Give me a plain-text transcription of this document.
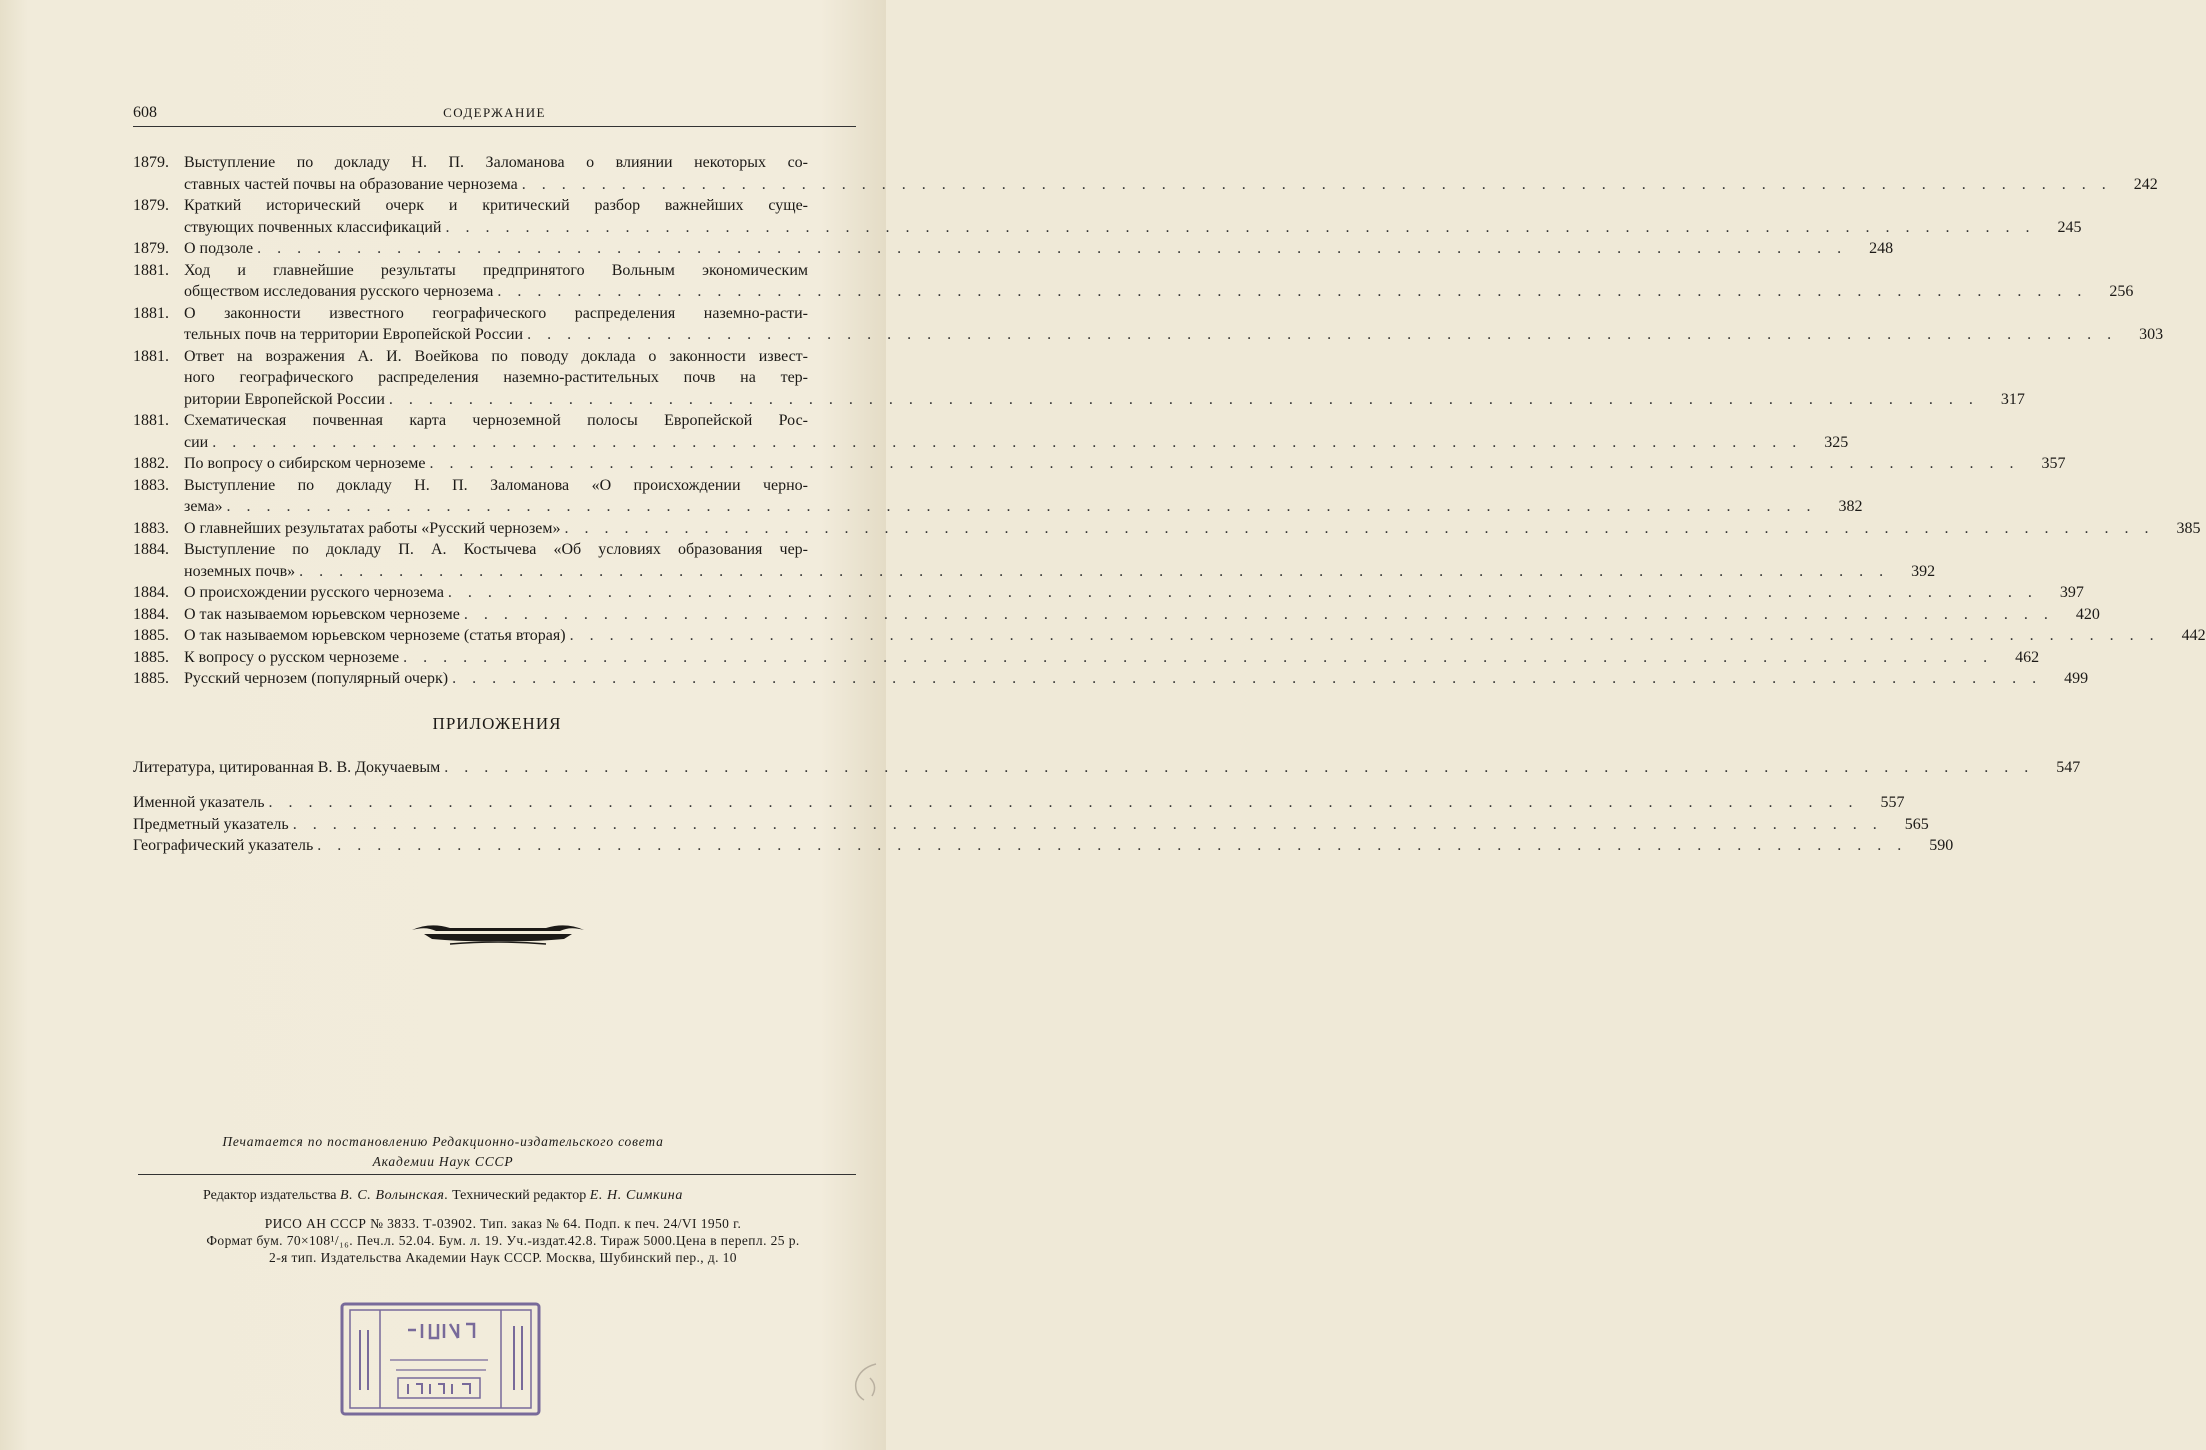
608	СОДЕРЖАНИЕ
1879. Выступление по докладу Н. П. Заломанова о влиянии некоторых со-
ставных частей почвы на образование чернозема . . . . . . . . . . . . . . . . . . . . . . . . . . . . . . . . . . . . . . . . . . . . . . . . . . . . . . . . . . . . . . . . . . . . . . . . . . . . . . . .	242
1879. Краткий исторический очерк и критический разбор важнейших суще-
ствующих почвенных классификаций . . . . . . . . . . . . . . . . . . . . . . . . . . . . . . . . . . . . . . . . . . . . . . . . . . . . . . . . . . . . . . . . . . . . . . . . . . . . . . . .	245
1879. О подзоле . . . . . . . . . . . . . . . . . . . . . . . . . . . . . . . . . . . . . . . . . . . . . . . . . . . . . . . . . . . . . . . . . . . . . . . . . . . . . . . .	248
1881. Ход и главнейшие результаты предпринятого Вольным экономическим
обществом исследования русского чернозема . . . . . . . . . . . . . . . . . . . . . . . . . . . . . . . . . . . . . . . . . . . . . . . . . . . . . . . . . . . . . . . . . . . . . . . . . . . . . . . .	256
1881. О законности известного географического распределения наземно-расти-
тельных почв на территории Европейской России . . . . . . . . . . . . . . . . . . . . . . . . . . . . . . . . . . . . . . . . . . . . . . . . . . . . . . . . . . . . . . . . . . . . . . . . . . . . . . . .	303
1881. Ответ на возражения А. И. Воейкова по поводу доклада о законности извест-
ного географического распределения наземно-растительных почв на тер-
ритории Европейской России . . . . . . . . . . . . . . . . . . . . . . . . . . . . . . . . . . . . . . . . . . . . . . . . . . . . . . . . . . . . . . . . . . . . . . . . . . . . . . . .	317
1881. Схематическая почвенная карта черноземной полосы Европейской Рос-
сии . . . . . . . . . . . . . . . . . . . . . . . . . . . . . . . . . . . . . . . . . . . . . . . . . . . . . . . . . . . . . . . . . . . . . . . . . . . . . . . .	325
1882. По вопросу о сибирском черноземе . . . . . . . . . . . . . . . . . . . . . . . . . . . . . . . . . . . . . . . . . . . . . . . . . . . . . . . . . . . . . . . . . . . . . . . . . . . . . . . .	357
1883. Выступление по докладу Н. П. Заломанова «О происхождении черно-
зема» . . . . . . . . . . . . . . . . . . . . . . . . . . . . . . . . . . . . . . . . . . . . . . . . . . . . . . . . . . . . . . . . . . . . . . . . . . . . . . . .	382
1883. О главнейших результатах работы «Русский чернозем» . . . . . . . . . . . . . . . . . . . . . . . . . . . . . . . . . . . . . . . . . . . . . . . . . . . . . . . . . . . . . . . . . . . . . . . . . . . . . . . .	385
1884. Выступление по докладу П. А. Костычева «Об условиях образования чер-
ноземных почв» . . . . . . . . . . . . . . . . . . . . . . . . . . . . . . . . . . . . . . . . . . . . . . . . . . . . . . . . . . . . . . . . . . . . . . . . . . . . . . . .	392
1884. О происхождении русского чернозема . . . . . . . . . . . . . . . . . . . . . . . . . . . . . . . . . . . . . . . . . . . . . . . . . . . . . . . . . . . . . . . . . . . . . . . . . . . . . . . .	397
1884. О так называемом юрьевском черноземе . . . . . . . . . . . . . . . . . . . . . . . . . . . . . . . . . . . . . . . . . . . . . . . . . . . . . . . . . . . . . . . . . . . . . . . . . . . . . . . .	420
1885. О так называемом юрьевском черноземе (статья вторая) . . . . . . . . . . . . . . . . . . . . . . . . . . . . . . . . . . . . . . . . . . . . . . . . . . . . . . . . . . . . . . . . . . . . . . . . . . . . . . . .	442
1885. К вопросу о русском черноземе . . . . . . . . . . . . . . . . . . . . . . . . . . . . . . . . . . . . . . . . . . . . . . . . . . . . . . . . . . . . . . . . . . . . . . . . . . . . . . . .	462
1885. Русский чернозем (популярный очерк) . . . . . . . . . . . . . . . . . . . . . . . . . . . . . . . . . . . . . . . . . . . . . . . . . . . . . . . . . . . . . . . . . . . . . . . . . . . . . . . .	499
ПРИЛОЖЕНИЯ
Литература, цитированная В. В. Докучаевым . . . . . . . . . . . . . . . . . . . . . . . . . . . . . . . . . . . . . . . . . . . . . . . . . . . . . . . . . . . . . . . . . . . . . . . . . . . . . . . .	547
Именной указатель . . . . . . . . . . . . . . . . . . . . . . . . . . . . . . . . . . . . . . . . . . . . . . . . . . . . . . . . . . . . . . . . . . . . . . . . . . . . . . . .	557
Предметный указатель . . . . . . . . . . . . . . . . . . . . . . . . . . . . . . . . . . . . . . . . . . . . . . . . . . . . . . . . . . . . . . . . . . . . . . . . . . . . . . . .	565
Географический указатель . . . . . . . . . . . . . . . . . . . . . . . . . . . . . . . . . . . . . . . . . . . . . . . . . . . . . . . . . . . . . . . . . . . . . . . . . . . . . . . .	590
Печатается по постановлению Редакционно-издательского совета
Академии Наук СССР
Редактор издательства В. С. Волынская. Технический редактор Е. Н. Симкина
РИСО АН СССР № 3833. Т-03902. Тип. заказ № 64. Подп. к печ. 24/VI 1950 г.
Формат бум. 70×108¹/₁₆. Печ.л. 52.04. Бум. л. 19. Уч.-издат.42.8. Тираж 5000.Цена в перепл. 25 р.
2-я тип. Издательства Академии Наук СССР. Москва, Шубинский пер., д. 10
